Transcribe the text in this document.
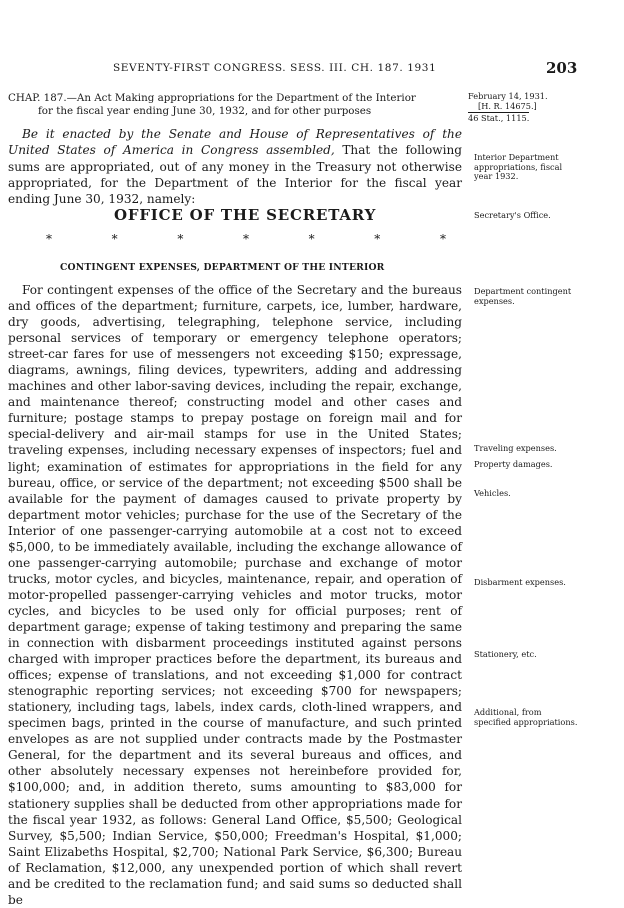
SEVENTY-FIRST CONGRESS. SESS. III. CH. 187. 1931	203
CHAP. 187.—An Act Making appropriations for the Department of the Interior
for the fiscal year ending June 30, 1932, and for other purposes
Be it enacted by the Senate and House of Representatives of the United States of America in Congress assembled, That the following sums are appropriated, out of any money in the Treasury not otherwise appropriated, for the Department of the Interior for the fiscal year ending June 30, 1932, namely:
OFFICE OF THE SECRETARY
*	*	*	*	*	*	*
CONTINGENT EXPENSES, DEPARTMENT OF THE INTERIOR
For contingent expenses of the office of the Secretary and the bureaus and offices of the department; furniture, carpets, ice, lumber, hardware, dry goods, advertising, telegraphing, telephone service, including personal services of temporary or emergency telephone operators; street-car fares for use of messengers not exceeding $150; expressage, diagrams, awnings, filing devices, typewriters, adding and addressing machines and other labor-saving devices, including the repair, exchange, and maintenance thereof; constructing model and other cases and furniture; postage stamps to prepay postage on foreign mail and for special-delivery and air-mail stamps for use in the United States; traveling expenses, including necessary expenses of inspectors; fuel and light; examination of estimates for appropriations in the field for any bureau, office, or service of the department; not exceeding $500 shall be available for the payment of damages caused to private property by department motor vehicles; purchase for the use of the Secretary of the Interior of one passenger-carrying automobile at a cost not to exceed $5,000, to be immediately available, including the exchange allowance of one passenger-carrying automobile; purchase and exchange of motor trucks, motor cycles, and bicycles, maintenance, repair, and operation of motor-propelled passenger-carrying vehicles and motor trucks, motor cycles, and bicycles to be used only for official purposes; rent of department garage; expense of taking testimony and preparing the same in connection with disbarment proceedings instituted against persons charged with improper practices before the department, its bureaus and offices; expense of translations, and not exceeding $1,000 for contract stenographic reporting services; not exceeding $700 for newspapers; stationery, including tags, labels, index cards, cloth-lined wrappers, and specimen bags, printed in the course of manufacture, and such printed envelopes as are not supplied under contracts made by the Postmaster General, for the department and its several bureaus and offices, and other absolutely necessary expenses not hereinbefore provided for, $100,000; and, in addition thereto, sums amounting to $83,000 for stationery supplies shall be deducted from other appropriations made for the fiscal year 1932, as follows: General Land Office, $5,500; Geological Survey, $5,500; Indian Service, $50,000; Freedman's Hospital, $1,000; Saint Elizabeths Hospital, $2,700; National Park Service, $6,300; Bureau of Reclamation, $12,000, any unexpended portion of which shall revert and be credited to the reclamation fund; and said sums so deducted shall be
February 14, 1931.
[H. R. 14675.]
46 Stat., 1115.
Interior Department appropriations, fiscal year 1932.
Secretary's Office.
Department contingent expenses.
Traveling expenses.
Property damages.
Vehicles.
Disbarment expenses.
Stationery, etc.
Additional, from specified appropriations.
